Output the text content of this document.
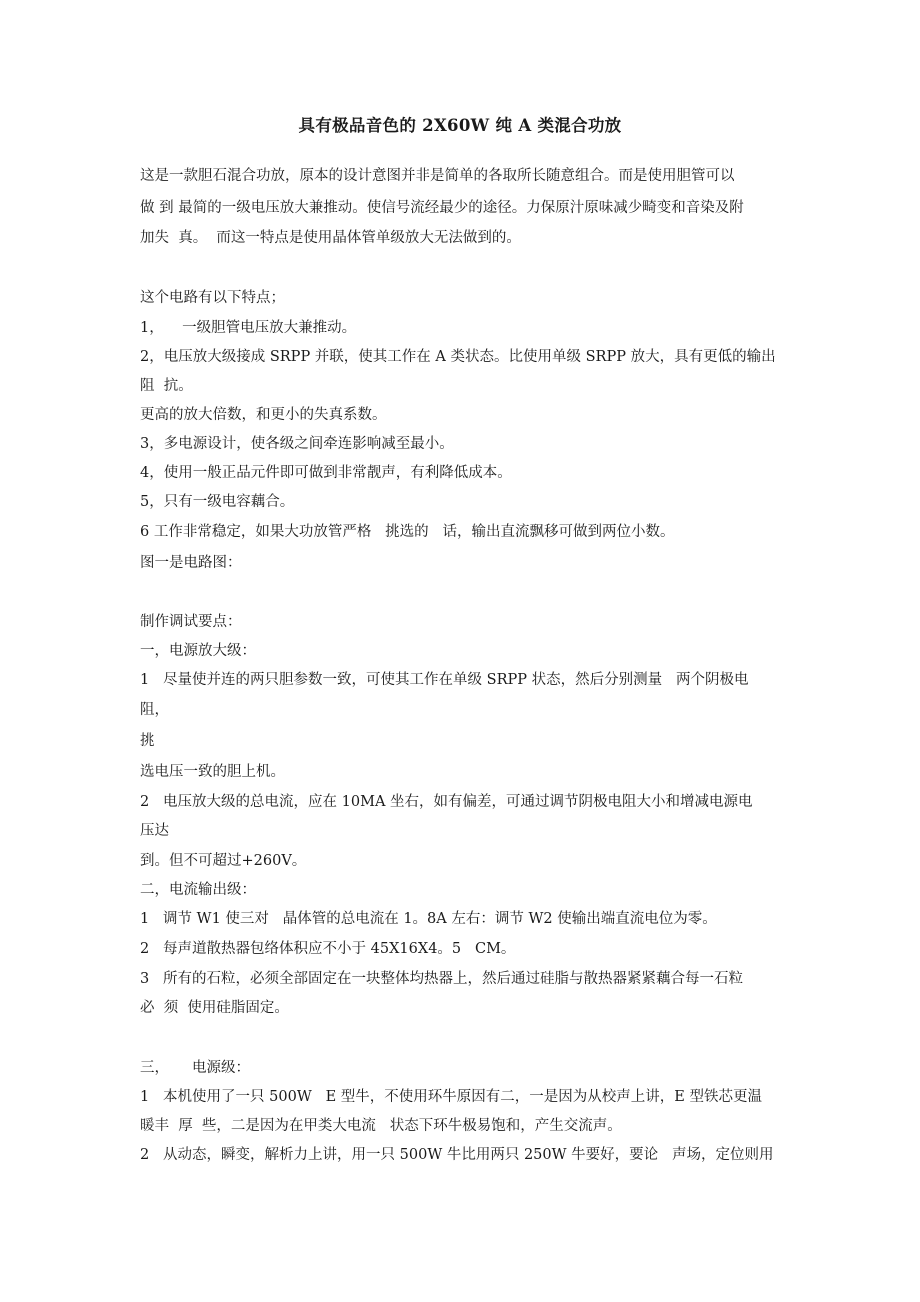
具有极品音色的 2X60W 纯 A 类混合功放
这是一款胆石混合功放，原本的设计意图并非是简单的各取所长随意组合。而是使用胆管可以
做 到 最简的一级电压放大兼推动。使信号流经最少的途径。力保原汁原味减少畸变和音染及附
加失  真。  而这一特点是使用晶体管单级放大无法做到的。
这个电路有以下特点；
1，    一级胆管电压放大兼推动。
2，电压放大级接成 SRPP 并联，使其工作在 A 类状态。比使用单级 SRPP 放大，具有更低的输出
阻  抗。
更高的放大倍数，和更小的失真系数。
3，多电源设计，使各级之间牵连影响减至最小。
4，使用一般正品元件即可做到非常靓声，有利降低成本。
5，只有一级电容藕合。
6 工作非常稳定，如果大功放管严格   挑选的   话，输出直流飘移可做到两位小数。
图一是电路图：
制作调试要点：
一，电源放大级：
1   尽量使并连的两只胆参数一致，可使其工作在单级 SRPP 状态，然后分别测量   两个阴极电
阻，
挑
选电压一致的胆上机。
2   电压放大级的总电流，应在 10MA 坐右，如有偏差，可通过调节阴极电阻大小和增减电源电
压达
到。但不可超过+260V。
二，电流输出级：
1   调节 W1 使三对   晶体管的总电流在 1。8A 左右：调节 W2 使输出端直流电位为零。
2   每声道散热器包络体积应不小于 45X16X4。5   CM。
3   所有的石粒，必须全部固定在一块整体均热器上，然后通过硅脂与散热器紧紧藕合每一石粒
必  须  使用硅脂固定。
三，     电源级：
1   本机使用了一只 500W   E 型牛，不使用环牛原因有二，一是因为从校声上讲，E 型铁芯更温
暖丰  厚  些，二是因为在甲类大电流   状态下环牛极易饱和，产生交流声。
2   从动态，瞬变，解析力上讲，用一只 500W 牛比用两只 250W 牛要好，要论   声场，定位则用
